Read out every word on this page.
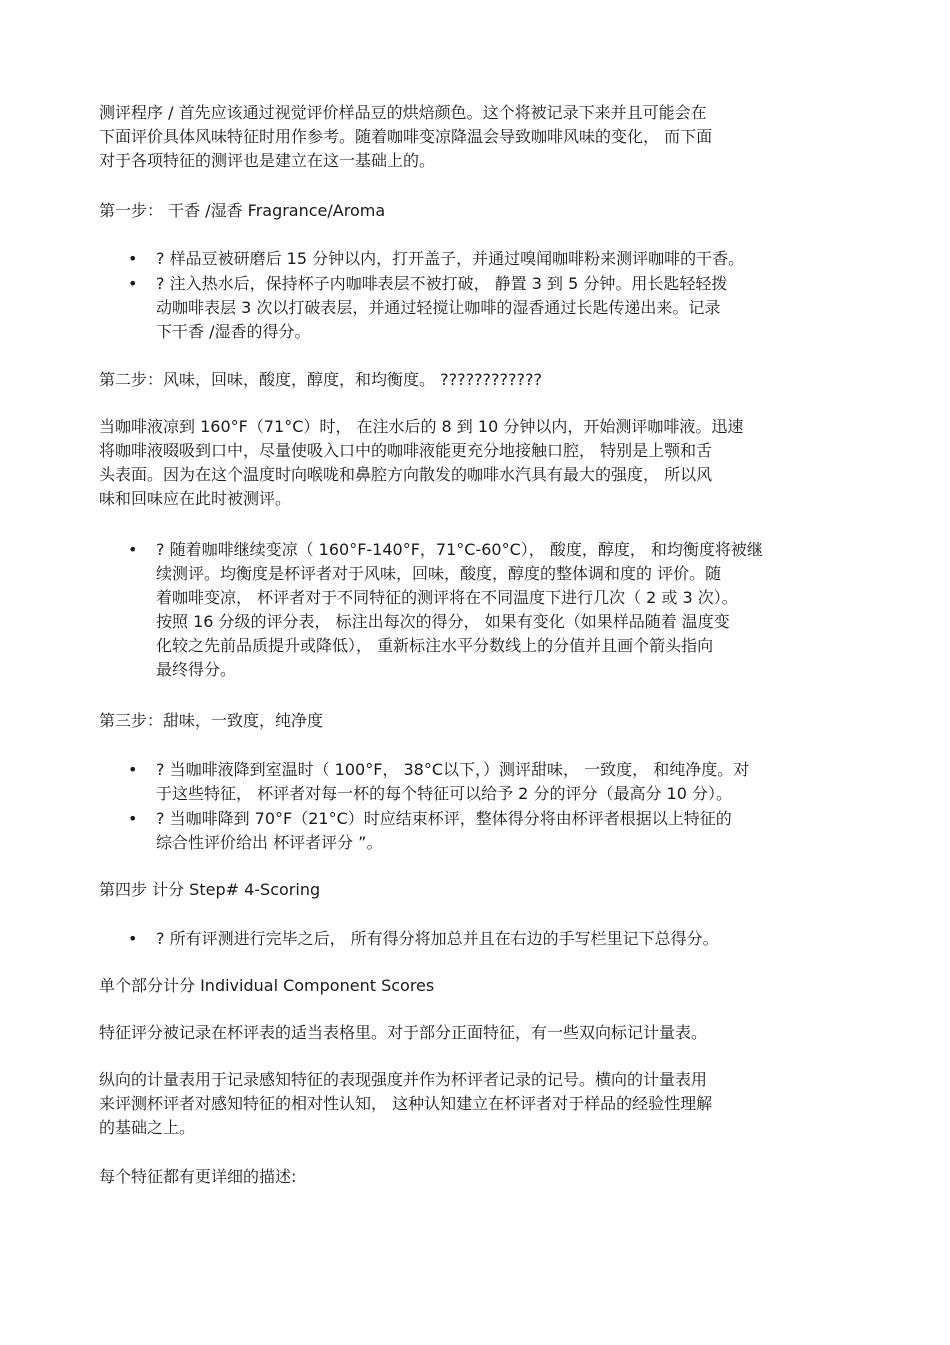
测评程序 / 首先应该通过视觉评价样品豆的烘焙颜色。这个将被记录下来并且可能会在
下面评价具体风味特征时用作参考。随着咖啡变凉降温会导致咖啡风味的变化， 而下面
对于各项特征的测评也是建立在这一基础上的。
第一步： 干香 /湿香 Fragrance/Aroma
• ? 样品豆被研磨后 15 分钟以内，打开盖子，并通过嗅闻咖啡粉来测评咖啡的干香。
• ? 注入热水后，保持杯子内咖啡表层不被打破， 静置 3 到 5 分钟。用长匙轻轻拨
动咖啡表层 3 次以打破表层，并通过轻搅让咖啡的湿香通过长匙传递出来。记录
下干香 /湿香的得分。
第二步：风味，回味，酸度，醇度，和均衡度。 ????????????
当咖啡液凉到 160°F（71°C）时， 在注水后的 8 到 10 分钟以内，开始测评咖啡液。迅速
将咖啡液啜吸到口中，尽量使吸入口中的咖啡液能更充分地接触口腔， 特别是上颚和舌
头表面。因为在这个温度时向喉咙和鼻腔方向散发的咖啡水汽具有最大的强度， 所以风
味和回味应在此时被测评。
• ? 随着咖啡继续变凉（ 160°F-140°F，71°C-60°C）， 酸度，醇度， 和均衡度将被继
续测评。均衡度是杯评者对于风味，回味，酸度，醇度的整体调和度的 评价。随
着咖啡变凉， 杯评者对于不同特征的测评将在不同温度下进行几次（ 2 或 3 次）。
按照 16 分级的评分表， 标注出每次的得分， 如果有变化（如果样品随着 温度变
化较之先前品质提升或降低）， 重新标注水平分数线上的分值并且画个箭头指向
最终得分。
第三步：甜味，一致度，纯净度
• ? 当咖啡液降到室温时（ 100°F， 38°C以下，）测评甜味， 一致度， 和纯净度。对
于这些特征， 杯评者对每一杯的每个特征可以给予 2 分的评分（最高分 10 分）。
• ? 当咖啡降到 70°F（21°C）时应结束杯评，整体得分将由杯评者根据以上特征的
综合性评价给出 杯评者评分 ”。
第四步 计分 Step# 4-Scoring
• ? 所有评测进行完毕之后， 所有得分将加总并且在右边的手写栏里记下总得分。
单个部分计分 Individual Component Scores
特征评分被记录在杯评表的适当表格里。对于部分正面特征，有一些双向标记计量表。
纵向的计量表用于记录感知特征的表现强度并作为杯评者记录的记号。横向的计量表用
来评测杯评者对感知特征的相对性认知， 这种认知建立在杯评者对于样品的经验性理解
的基础之上。
每个特征都有更详细的描述:
